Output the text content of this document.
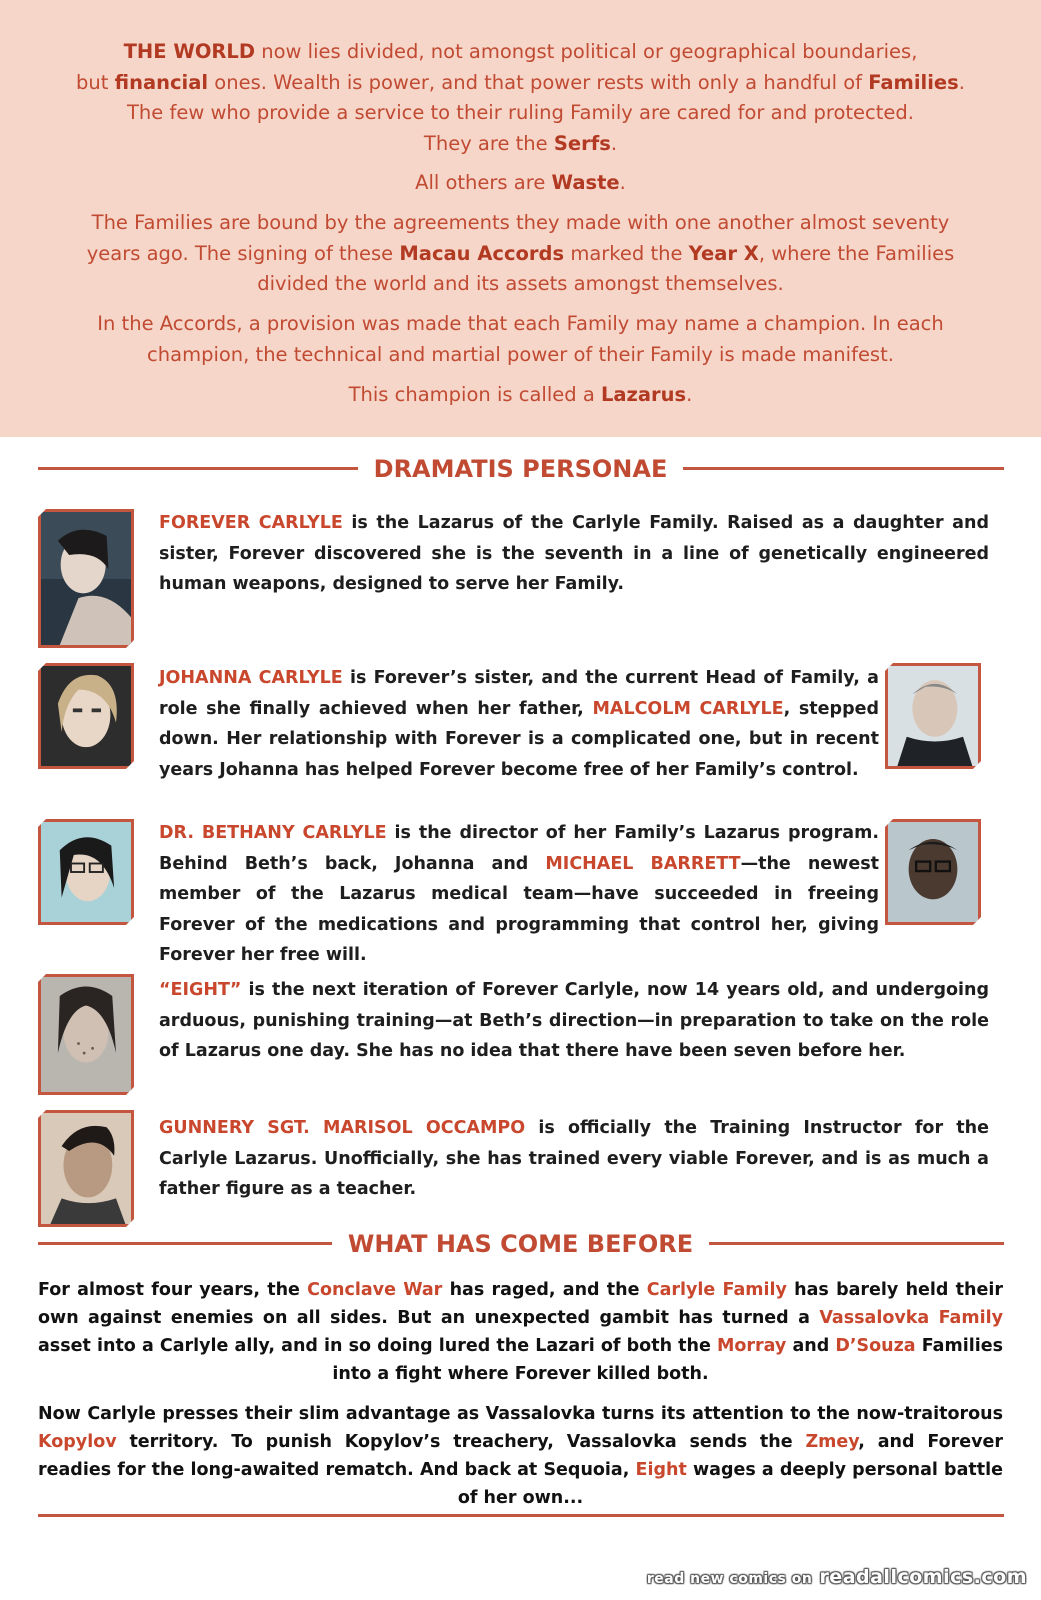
THE WORLD now lies divided, not amongst political or geographical boundaries,
but financial ones. Wealth is power, and that power rests with only a handful of Families.
The few who provide a service to their ruling Family are cared for and protected.
They are the Serfs.

All others are Waste.

The Families are bound by the agreements they made with one another almost seventy
years ago. The signing of these Macau Accords marked the Year X, where the Families
divided the world and its assets amongst themselves.

In the Accords, a provision was made that each Family may name a champion. In each
champion, the technical and martial power of their Family is made manifest.

This champion is called a Lazarus.

DRAMATIS PERSONAE

FOREVER CARLYLE is the Lazarus of the Carlyle Family. Raised as a daughter and sister, Forever discovered she is the seventh in a line of genetically engineered human weapons, designed to serve her Family.

JOHANNA CARLYLE is Forever’s sister, and the current Head of Family, a role she finally achieved when her father, MALCOLM CARLYLE, stepped down. Her relationship with Forever is a complicated one, but in recent years Johanna has helped Forever become free of her Family’s control.

DR. BETHANY CARLYLE is the director of her Family’s Lazarus program. Behind Beth’s back, Johanna and MICHAEL BARRETT—the newest member of the Lazarus medical team—have succeeded in freeing Forever of the medications and programming that control her, giving Forever her free will.

“EIGHT” is the next iteration of Forever Carlyle, now 14 years old, and undergoing arduous, punishing training—at Beth’s direction—in preparation to take on the role of Lazarus one day. She has no idea that there have been seven before her.

GUNNERY SGT. MARISOL OCCAMPO is officially the Training Instructor for the Carlyle Lazarus. Unofficially, she has trained every viable Forever, and is as much a father figure as a teacher.

WHAT HAS COME BEFORE

For almost four years, the Conclave War has raged, and the Carlyle Family has barely held their own against enemies on all sides. But an unexpected gambit has turned a Vassalovka Family asset into a Carlyle ally, and in so doing lured the Lazari of both the Morray and D’Souza Families into a fight where Forever killed both.

Now Carlyle presses their slim advantage as Vassalovka turns its attention to the now-traitorous Kopylov territory. To punish Kopylov’s treachery, Vassalovka sends the Zmey, and Forever readies for the long-awaited rematch. And back at Sequoia, Eight wages a deeply personal battle of her own...

read new comics on readallcomics.com
